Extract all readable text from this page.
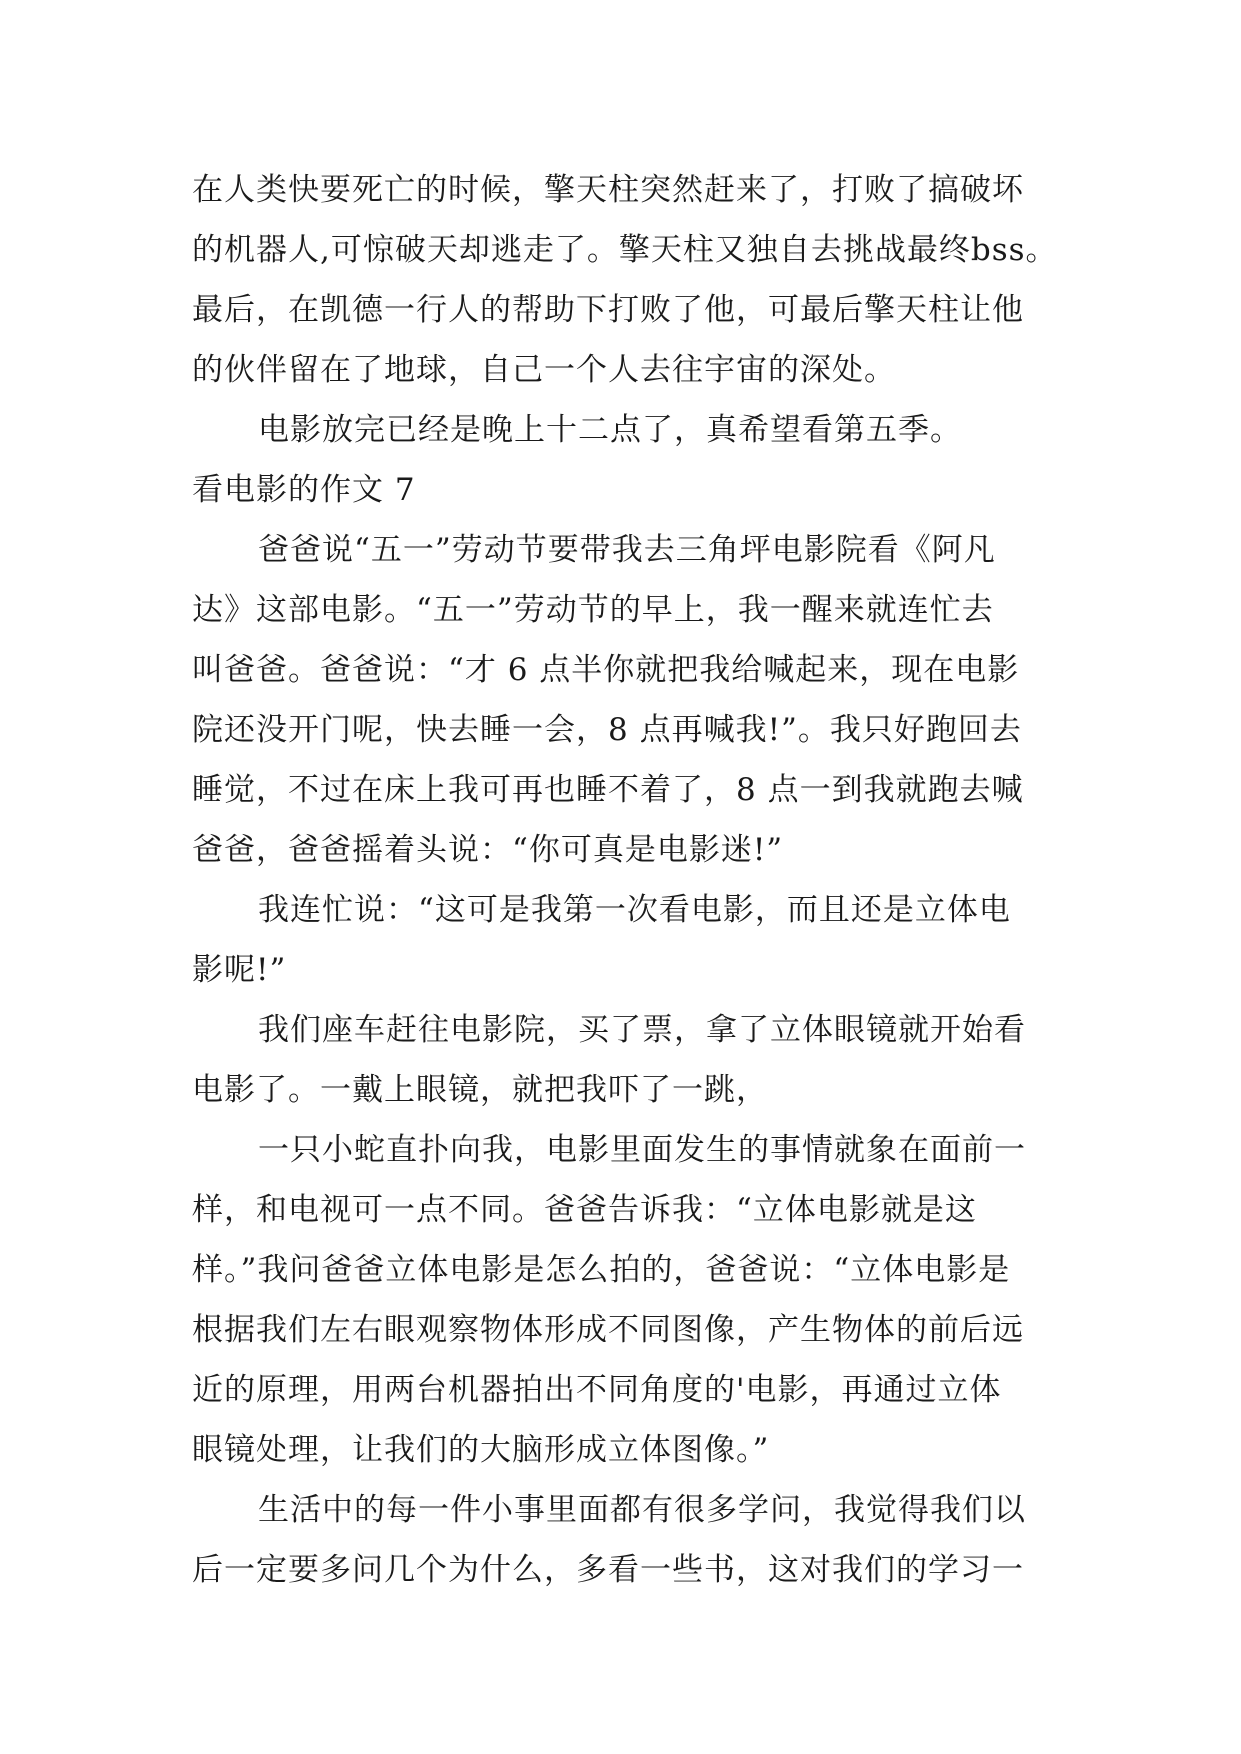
在人类快要死亡的时候，擎天柱突然赶来了，打败了搞破坏
的机器人,可惊破天却逃走了。擎天柱又独自去挑战最终bss。
最后，在凯德一行人的帮助下打败了他，可最后擎天柱让他
的伙伴留在了地球，自己一个人去往宇宙的深处。
电影放完已经是晚上十二点了，真希望看第五季。
看电影的作文 7
爸爸说“五一”劳动节要带我去三角坪电影院看《阿凡
达》这部电影。“五一”劳动节的早上，我一醒来就连忙去
叫爸爸。爸爸说：“才 6 点半你就把我给喊起来，现在电影
院还没开门呢，快去睡一会，8 点再喊我!”。我只好跑回去
睡觉，不过在床上我可再也睡不着了，8 点一到我就跑去喊
爸爸，爸爸摇着头说：“你可真是电影迷!”
我连忙说：“这可是我第一次看电影，而且还是立体电
影呢!”
我们座车赶往电影院，买了票，拿了立体眼镜就开始看
电影了。一戴上眼镜，就把我吓了一跳，
一只小蛇直扑向我，电影里面发生的事情就象在面前一
样，和电视可一点不同。爸爸告诉我：“立体电影就是这
样。”我问爸爸立体电影是怎么拍的，爸爸说：“立体电影是
根据我们左右眼观察物体形成不同图像，产生物体的前后远
近的原理，用两台机器拍出不同角度的'电影，再通过立体
眼镜处理，让我们的大脑形成立体图像。”
生活中的每一件小事里面都有很多学问，我觉得我们以
后一定要多问几个为什么，多看一些书，这对我们的学习一
